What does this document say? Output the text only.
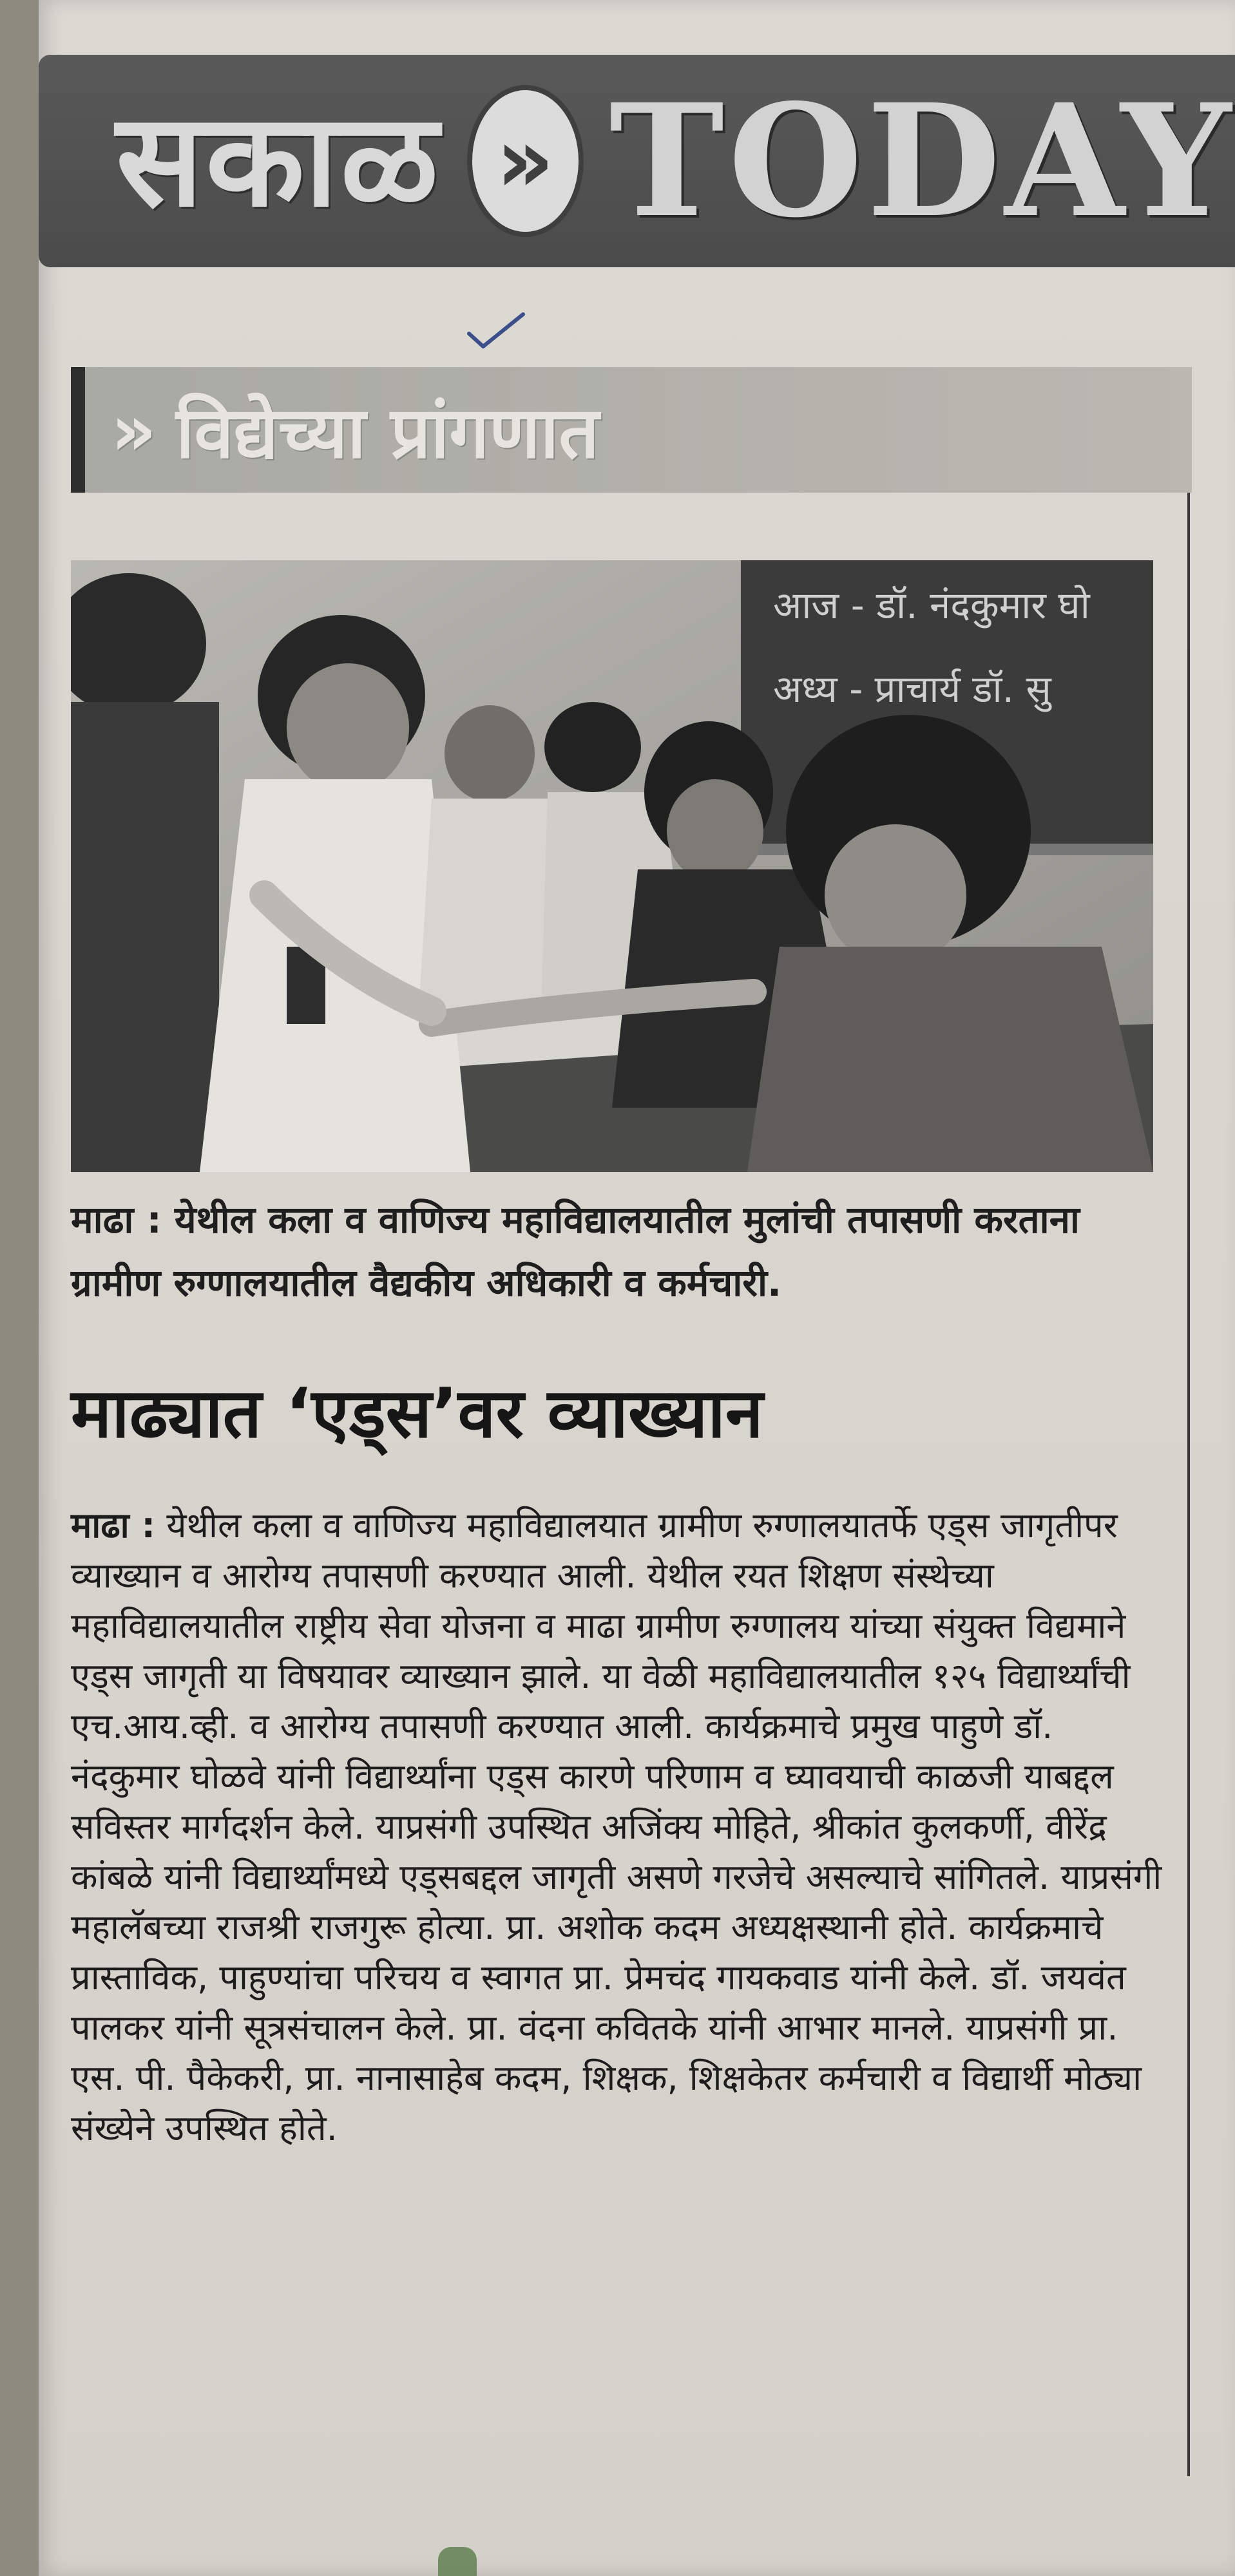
सकाळ » TODAY
» विद्येच्या प्रांगणात
आज - डॉ. नंदकुमार घो
अध्य - प्राचार्य डॉ. सु

माढा : येथील कला व वाणिज्य महाविद्यालयातील मुलांची तपासणी करताना ग्रामीण रुग्णालयातील वैद्यकीय अधिकारी व कर्मचारी.

माढ्यात ‘एड्‌स’वर व्याख्यान

माढा : येथील कला व वाणिज्य महाविद्यालयात ग्रामीण रुग्णालयातर्फे एड्‌स जागृतीपर व्याख्यान व आरोग्य तपासणी करण्यात आली. येथील रयत शिक्षण संस्थेच्या महाविद्यालयातील राष्ट्रीय सेवा योजना व माढा ग्रामीण रुग्णालय यांच्या संयुक्त विद्यमाने एड्‌स जागृती या विषयावर व्याख्यान झाले. या वेळी महाविद्यालयातील १२५ विद्यार्थ्यांची एच.आय.व्ही. व आरोग्य तपासणी करण्यात आली. कार्यक्रमाचे प्रमुख पाहुणे डॉ. नंदकुमार घोळवे यांनी विद्यार्थ्यांना एड्‌स कारणे परिणाम व घ्यावयाची काळजी याबद्दल सविस्तर मार्गदर्शन केले. याप्रसंगी उपस्थित अजिंक्य मोहिते, श्रीकांत कुलकर्णी, वीरेंद्र कांबळे यांनी विद्यार्थ्यांमध्ये एड्‌सबद्दल जागृती असणे गरजेचे असल्याचे सांगितले. याप्रसंगी महालॅबच्या राजश्री राजगुरू होत्या. प्रा. अशोक कदम अध्यक्षस्थानी होते. कार्यक्रमाचे प्रास्ताविक, पाहुण्यांचा परिचय व स्वागत प्रा. प्रेमचंद गायकवाड यांनी केले. डॉ. जयवंत पालकर यांनी सूत्रसंचालन केले. प्रा. वंदना कवितके यांनी आभार मानले. याप्रसंगी प्रा. एस. पी. पैकेकरी, प्रा. नानासाहेब कदम, शिक्षक, शिक्षकेतर कर्मचारी व विद्यार्थी मोठ्या संख्येने उपस्थित होते.
